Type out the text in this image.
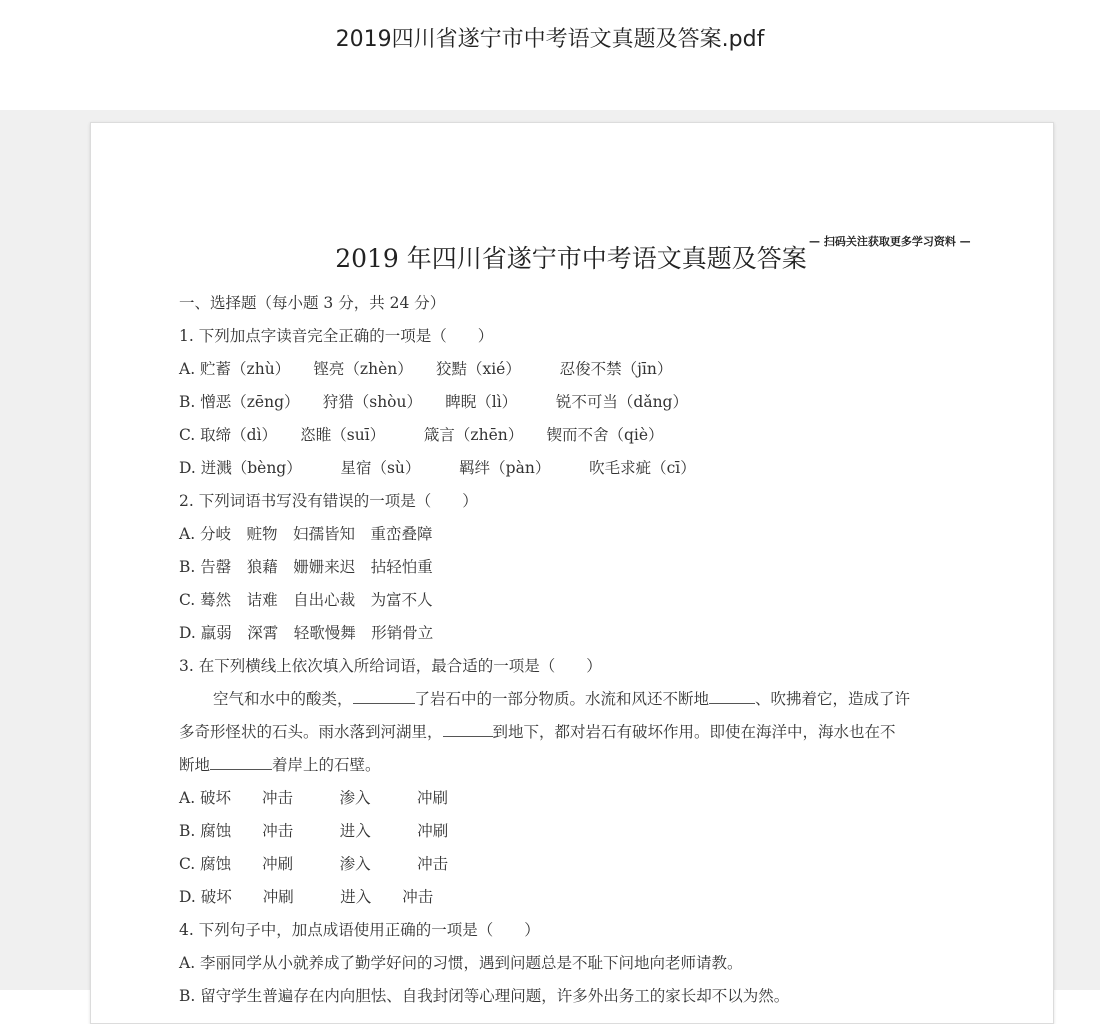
2019四川省遂宁市中考语文真题及答案.pdf
— 扫码关注获取更多学习资料 —
2019 年四川省遂宁市中考语文真题及答案
一、选择题（每小题 3 分，共 24 分）
1. 下列加点字读音完全正确的一项是（　　）
A. 贮蓄（zhù）　　铿亮（zhèn）　　狡黠（xié）　　　忍俊不禁（jīn）
B. 憎恶（zēng）　　狩猎（shòu）　　睥睨（lì）　　　锐不可当（dǎng）
C. 取缔（dì）　　恣睢（suī）　　　箴言（zhēn）　　锲而不舍（qiè）
D. 迸溅（bèng）　　　星宿（sù）　　　羁绊（pàn）　　　吹毛求疵（cī）
2. 下列词语书写没有错误的一项是（　　）
A. 分岐　赃物　妇孺皆知　重峦叠障
B. 告罄　狼藉　姗姗来迟　拈轻怕重
C. 蓦然　诘难　自出心裁　为富不人
D. 羸弱　深霄　轻歌慢舞　形销骨立
3. 在下列横线上依次填入所给词语，最合适的一项是（　　）
空气和水中的酸类，	了岩石中的一部分物质。水流和风还不断地	、吹拂着它，造成了许
多奇形怪状的石头。雨水落到河湖里，	到地下，都对岩石有破坏作用。即使在海洋中，海水也在不
断地	着岸上的石壁。
A. 破坏　　冲击　　　渗入　　　冲刷
B. 腐蚀　　冲击　　　进入　　　冲刷
C. 腐蚀　　冲刷　　　渗入　　　冲击
D. 破坏　　冲刷　　　进入　　冲击
4. 下列句子中，加点成语使用正确的一项是（　　）
A. 李丽同学从小就养成了勤学好问的习惯，遇到问题总是不耻下问地向老师请教。
B. 留守学生普遍存在内向胆怯、自我封闭等心理问题，许多外出务工的家长却不以为然。
